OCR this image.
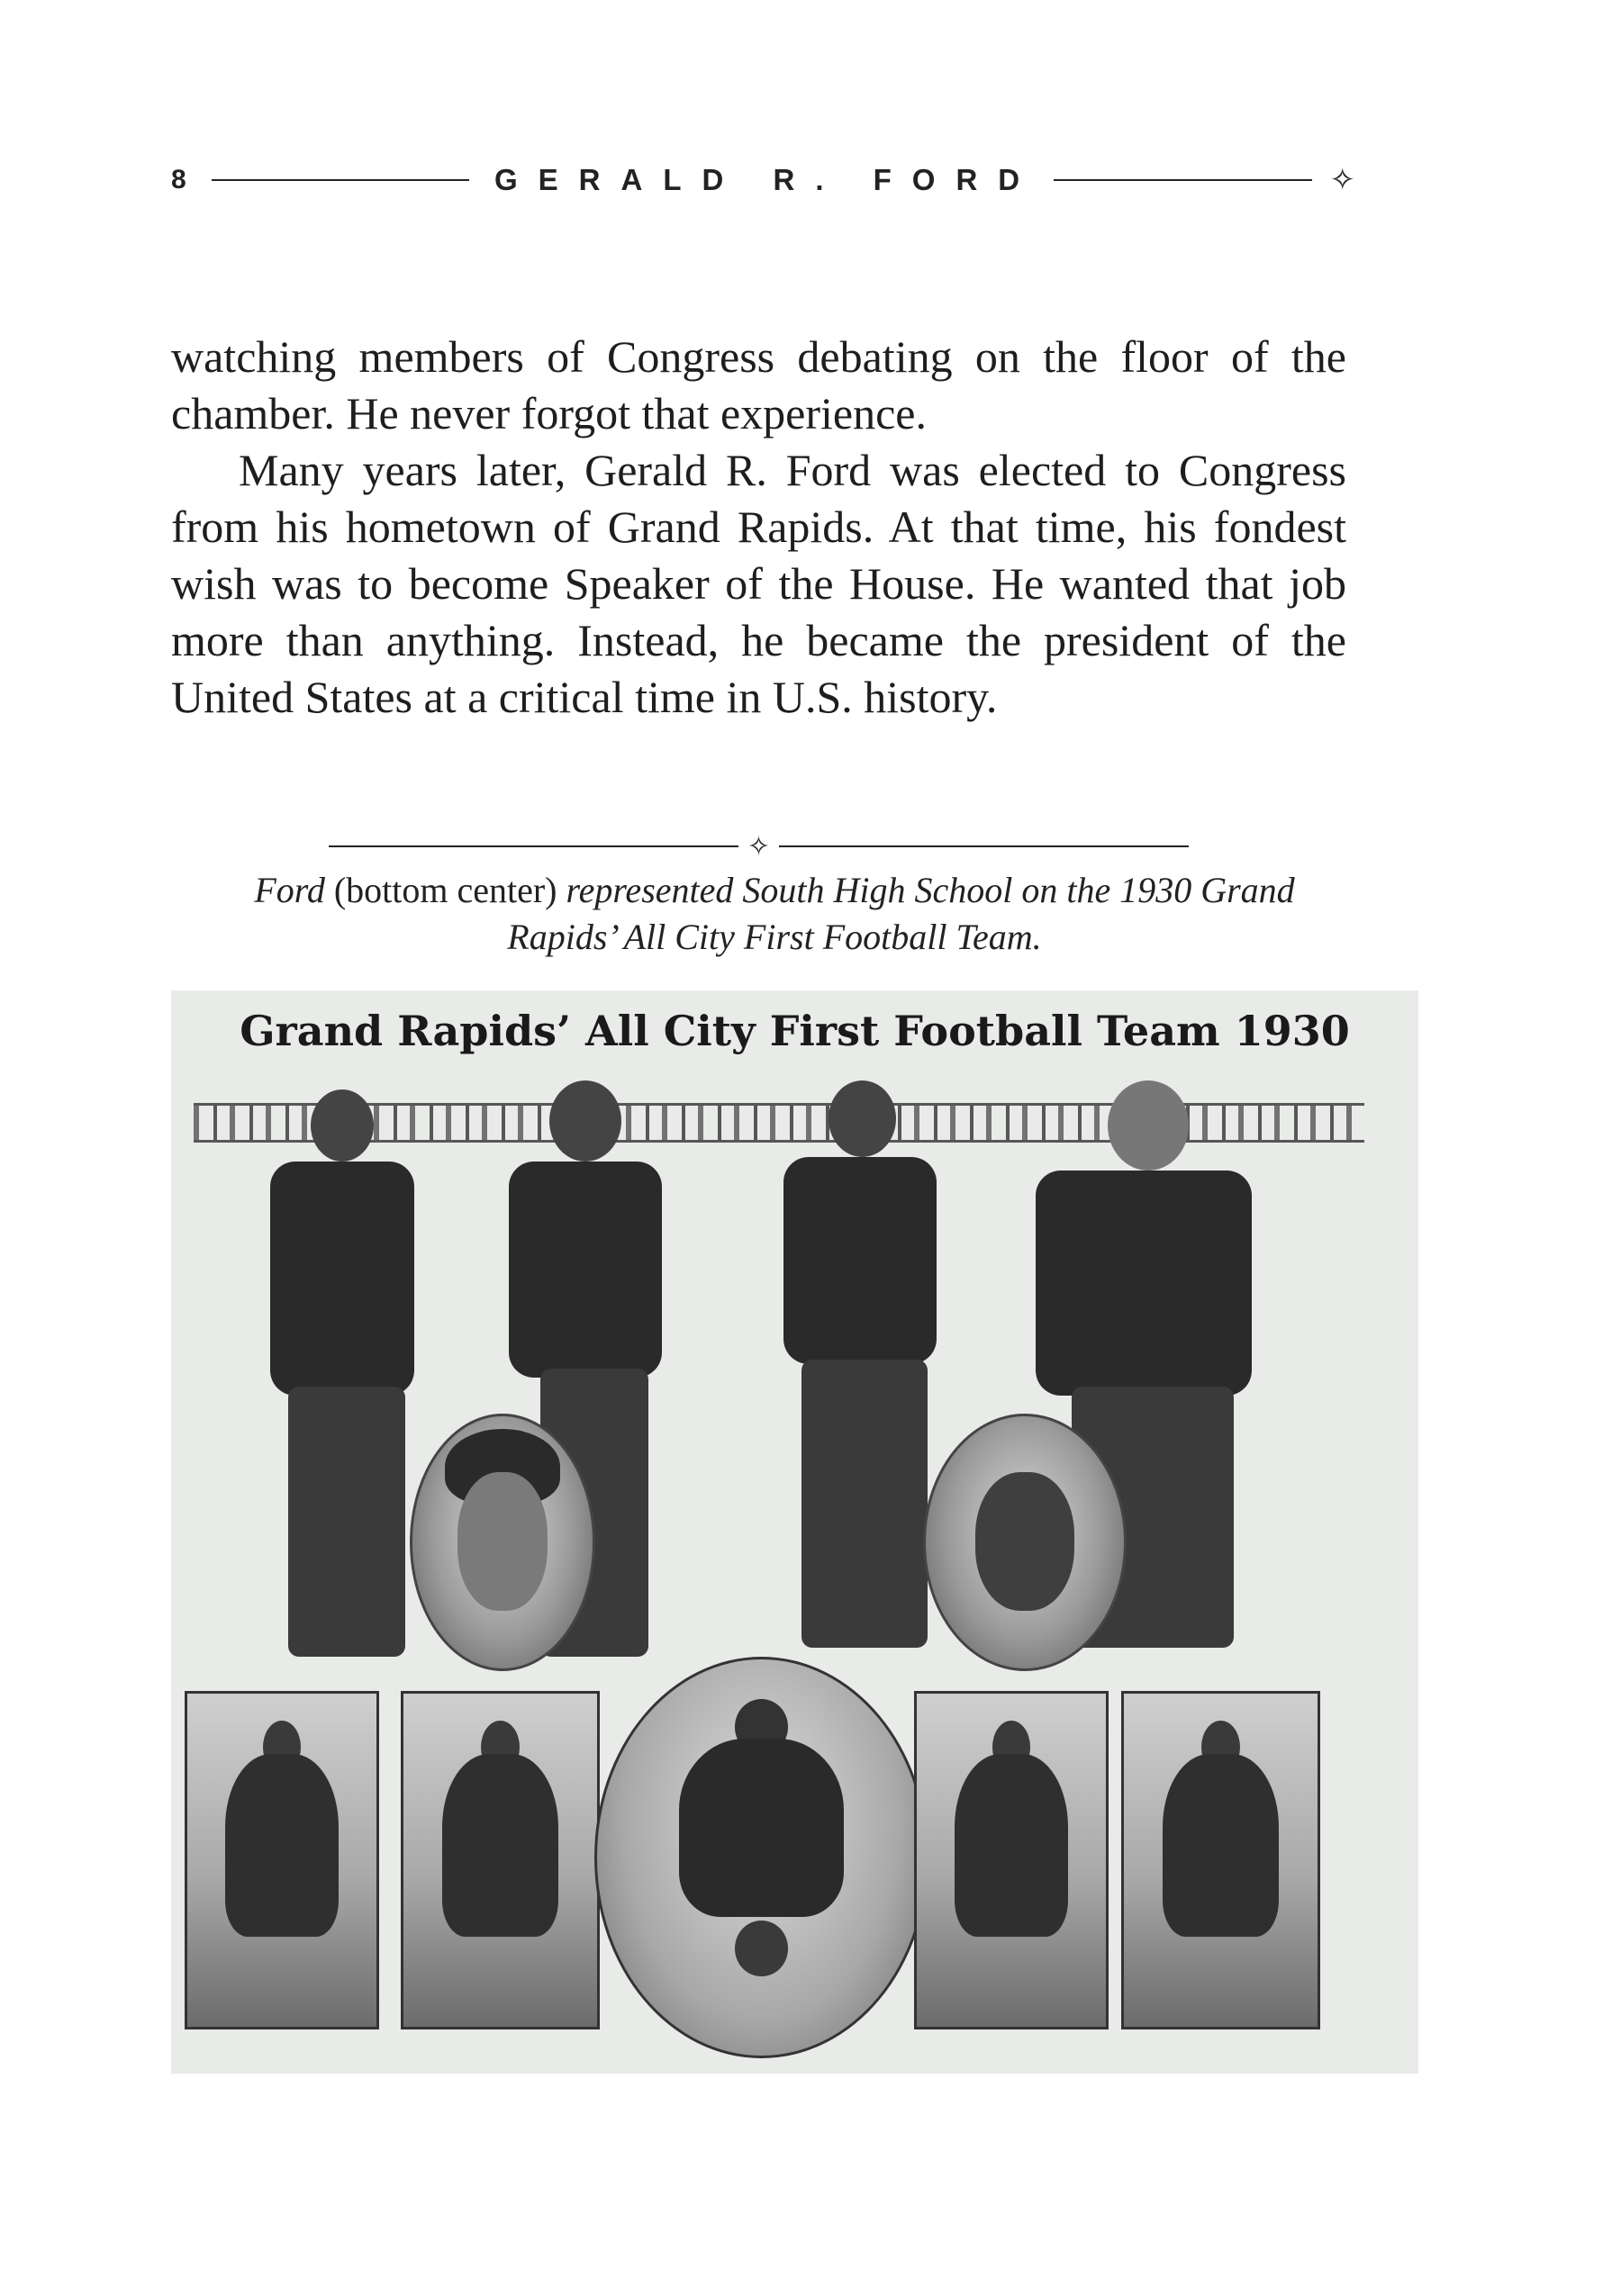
8	GERALD R. FORD	✧

watching members of Congress debating on the floor of the chamber. He never forgot that experience.

Many years later, Gerald R. Ford was elected to Congress from his hometown of Grand Rapids. At that time, his fondest wish was to become Speaker of the House. He wanted that job more than anything. Instead, he became the president of the United States at a critical time in U.S. history.

✧
Ford (bottom center) represented South High School on the 1930 Grand Rapids’ All City First Football Team.
Grand Rapids’ All City First Football Team 1930
